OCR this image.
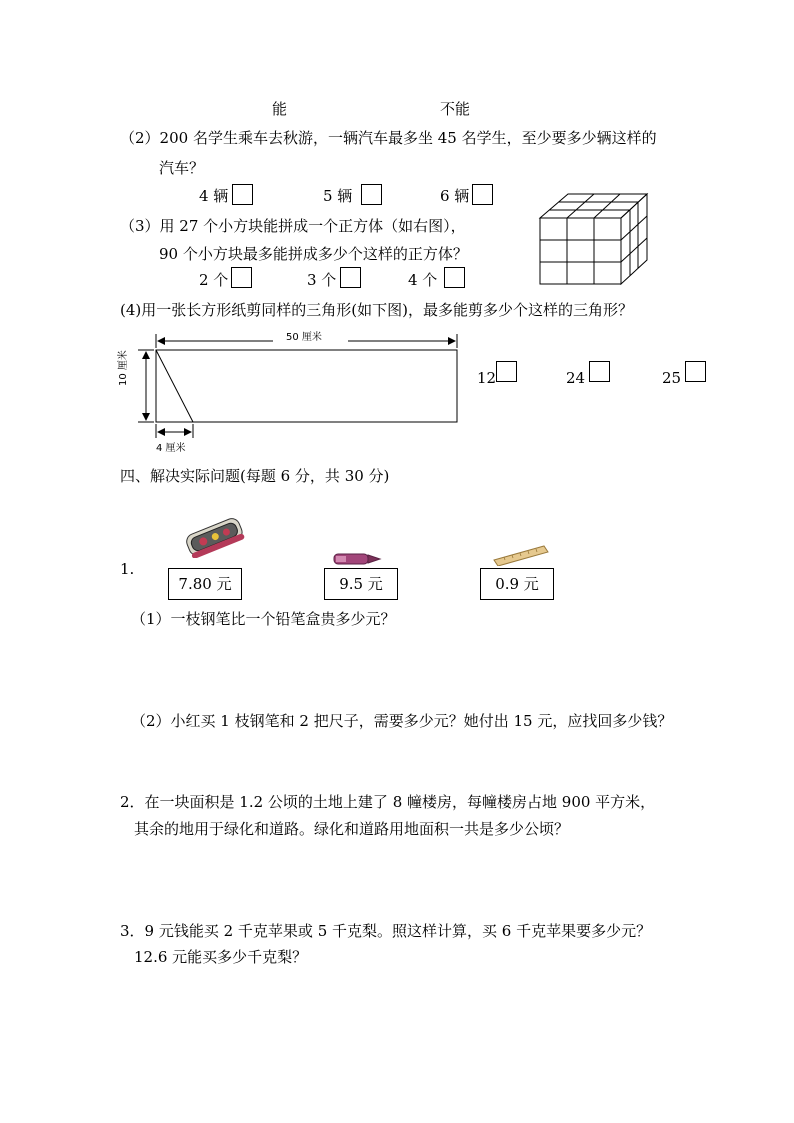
能	不能
（2）200 名学生乘车去秋游，一辆汽车最多坐 45 名学生，至少要多少辆这样的
汽车？
4 辆	5 辆	6 辆
（3）用 27 个小方块能拼成一个正方体（如右图），
90 个小方块最多能拼成多少个这样的正方体？
2 个	3 个	4 个
(4)用一张长方形纸剪同样的三角形(如下图)，最多能剪多少个这样的三角形？
50 厘米
10 厘米
4 厘米
12	24	25
四、解决实际问题(每题 6 分，共 30 分)
1.
7.80 元	9.5 元	0.9 元
（1）一枝钢笔比一个铅笔盒贵多少元？
（2）小红买 1 枝钢笔和 2 把尺子，需要多少元？她付出 15 元，应找回多少钱？
2．在一块面积是 1.2 公顷的土地上建了 8 幢楼房，每幢楼房占地 900 平方米，
其余的地用于绿化和道路。绿化和道路用地面积一共是多少公顷？
3．9 元钱能买 2 千克苹果或 5 千克梨。照这样计算，买 6 千克苹果要多少元？
12.6 元能买多少千克梨？
